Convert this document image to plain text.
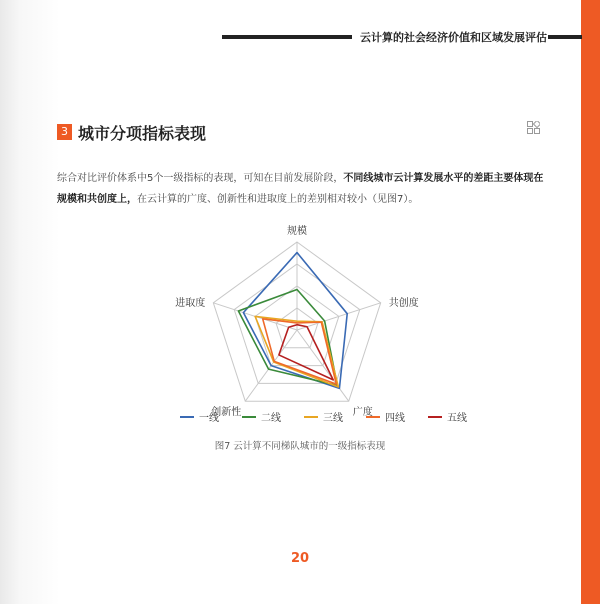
云计算的社会经济价值和区域发展评估
3 城市分项指标表现
综合对比评价体系中5个一级指标的表现，可知在目前发展阶段，不同线城市云计算发展水平的差距主要体现在规模和共创度上，在云计算的广度、创新性和进取度上的差别相对较小（见图7）。
规模
共创度
广度
创新性
进取度
一线	二线	三线	四线	五线
图7 云计算不同梯队城市的一级指标表现
20
